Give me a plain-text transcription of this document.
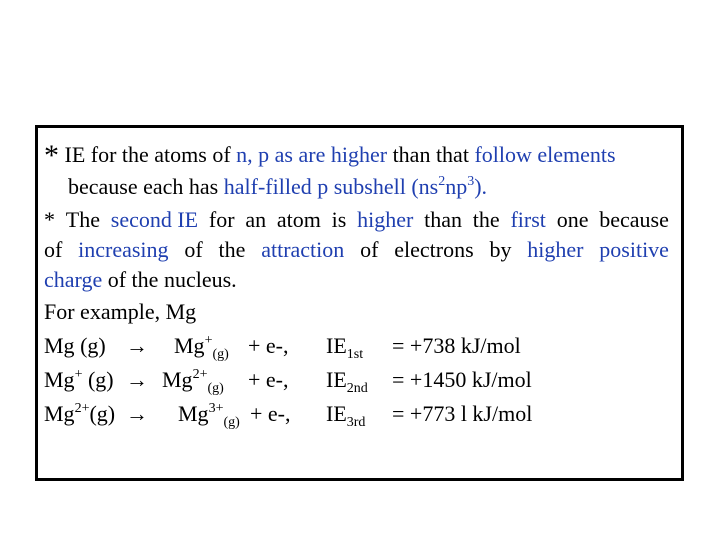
* IE for the atoms of n, p as are higher than that follow elements
because each has half-filled p subshell $(ns^2np^3)$.
* The second IE for an atom is higher than the first one because
of increasing of the attraction of electrons by higher positive
charge of the nucleus.
For example, Mg
Mg $(g) \to Mg^+_{(g)} + e-$, $IE_{1st} = +738$ kJ/mol
Mg+ $(g) \to Mg^{2+}_{(g)} + e-$, $IE_{2nd} = +1450$ kJ/mol
$Mg^{2+}(g) \to Mg^{3+}_{(g)} + e-$, $IE_{3rd} = +773$ l kJ/mol
